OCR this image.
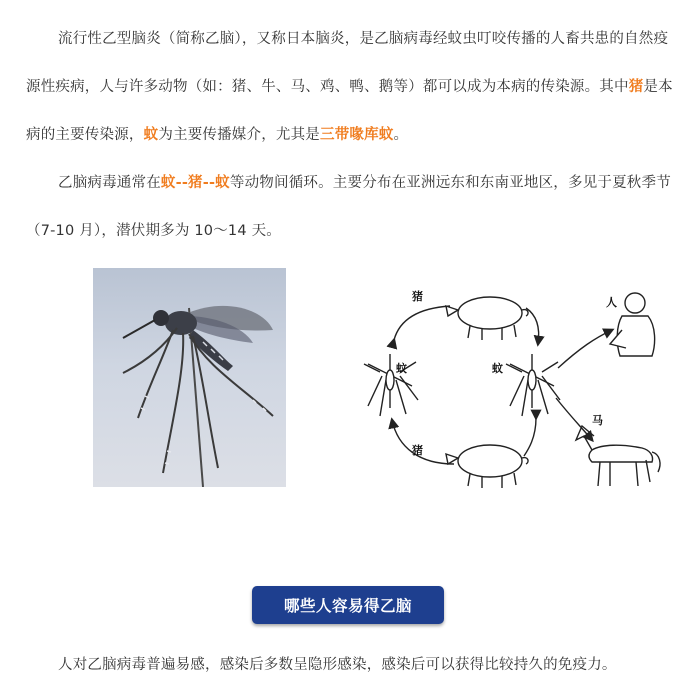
流行性乙型脑炎（简称乙脑），又称日本脑炎，是乙脑病毒经蚊虫叮咬传播的人畜共患的自然疫源性疾病，人与许多动物（如：猪、牛、马、鸡、鸭、鹅等）都可以成为本病的传染源。其中猪是本病的主要传染源，蚊为主要传播媒介，尤其是三带喙库蚊。

乙脑病毒通常在蚊--猪--蚊等动物间循环。主要分布在亚洲远东和东南亚地区，多见于夏秋季节（7-10 月），潜伏期多为 10～14 天。

猪
猪
蚊	蚊
人
马
哪些人容易得乙脑

人对乙脑病毒普遍易感，感染后多数呈隐形感染，感染后可以获得比较持久的免疫力。
